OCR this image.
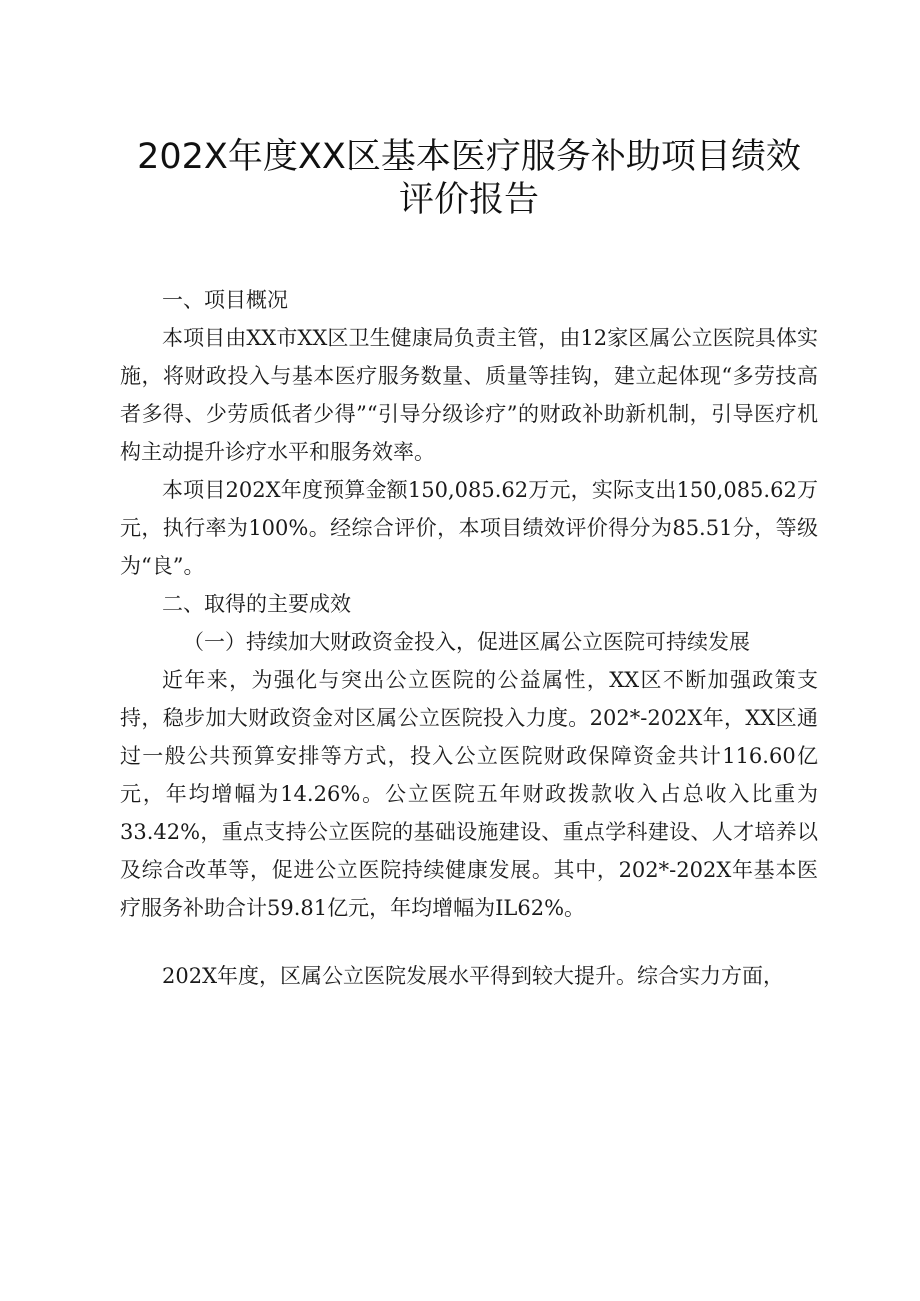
202X年度XX区基本医疗服务补助项目绩效评价报告

一、项目概况

本项目由XX市XX区卫生健康局负责主管，由12家区属公立医院具体实施，将财政投入与基本医疗服务数量、质量等挂钩，建立起体现“多劳技高者多得、少劳质低者少得”“引导分级诊疗”的财政补助新机制，引导医疗机构主动提升诊疗水平和服务效率。

本项目202X年度预算金额150,085.62万元，实际支出150,085.62万元，执行率为100%。经综合评价，本项目绩效评价得分为85.51分，等级为“良”。

二、取得的主要成效

（一）持续加大财政资金投入，促进区属公立医院可持续发展

近年来，为强化与突出公立医院的公益属性，XX区不断加强政策支持，稳步加大财政资金对区属公立医院投入力度。202*-202X年，XX区通过一般公共预算安排等方式，投入公立医院财政保障资金共计116.60亿元，年均增幅为14.26%。公立医院五年财政拨款收入占总收入比重为33.42%，重点支持公立医院的基础设施建设、重点学科建设、人才培养以及综合改革等，促进公立医院持续健康发展。其中，202*-202X年基本医疗服务补助合计59.81亿元，年均增幅为IL62%。

202X年度，区属公立医院发展水平得到较大提升。综合实力方面，
